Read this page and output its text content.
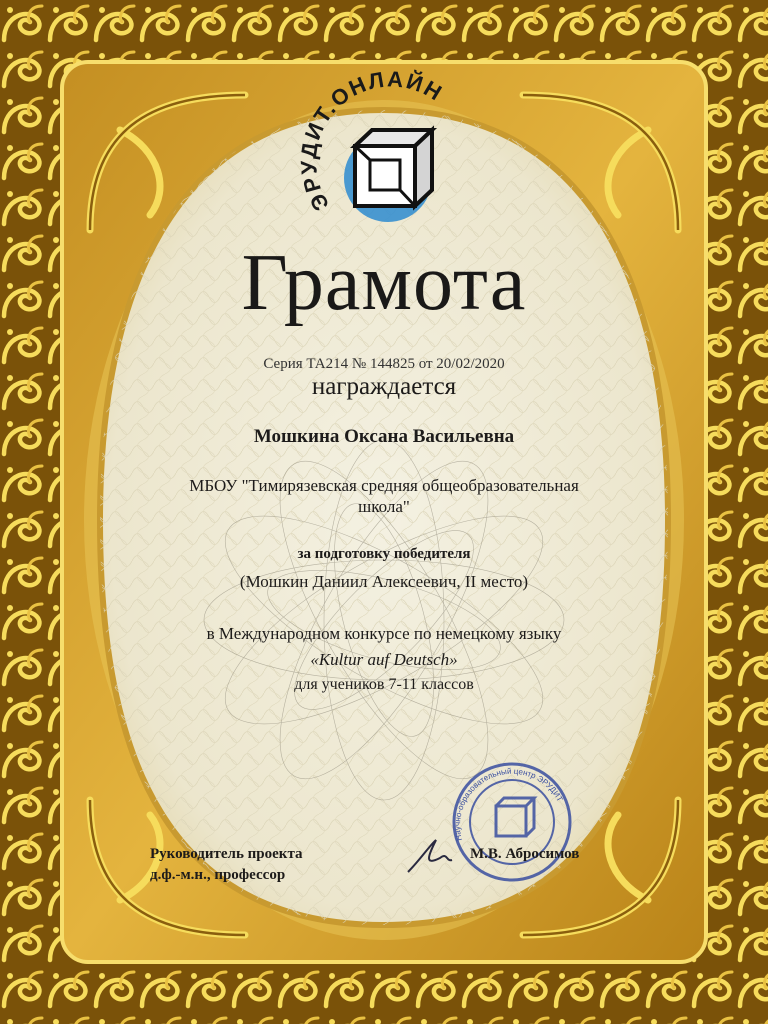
ЭРУДИТ.ОНЛАЙН
Научно-образовательный центр ЭРУДИТ
Грамота
Серия ТА214 № 144825 от 20/02/2020
награждается
Мошкина Оксана Васильевна
МБОУ "Тимирязевская средняя общеобразовательная
школа"
за подготовку победителя
(Мошкин Даниил Алексеевич, II место)
в Международном конкурсе по немецкому языку
«Kultur auf Deutsch»
для учеников 7-11 классов
Руководитель проекта
д.ф.-м.н., профессор
М.В. Абросимов
